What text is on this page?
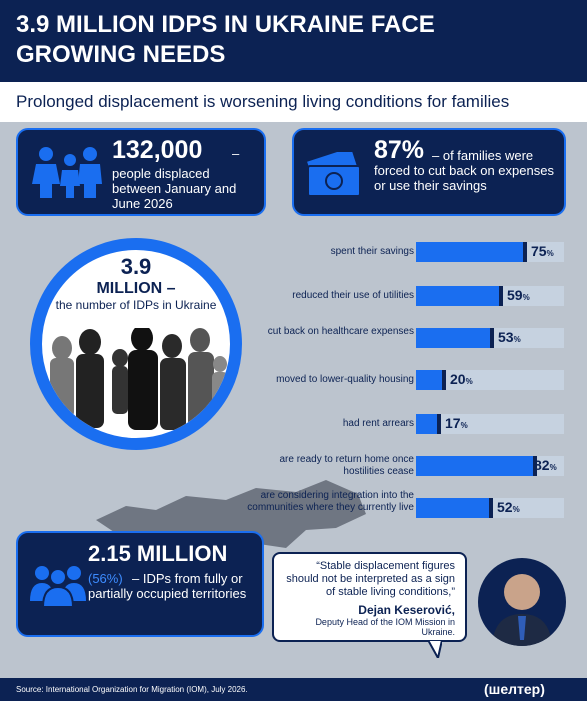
3.9 MILLION IDPS IN UKRAINE FACE GROWING NEEDS
Prolonged displacement is worsening living conditions for families
132,000 –
people displaced between January and June 2026
87% – of families were forced to cut back on expenses or use their savings
3.9
MILLION –
the number of IDPs in Ukraine
spent their savings	75%
reduced their use of utilities	59%
cut back on healthcare expenses	53%
moved to lower-quality housing	20%
had rent arrears 17%
are ready to return home once hostilities cease	82%
are considering integration into the communities where they currently live	52%
2.15 MILLION
(56%) – IDPs from fully or partially occupied territories
“Stable displacement figures should not be interpreted as a sign of stable living conditions,”
Dejan Keserović,
Deputy Head of the IOM Mission in Ukraine.
Source: International Organization for Migration (IOM), July 2026.	(шелтер)
